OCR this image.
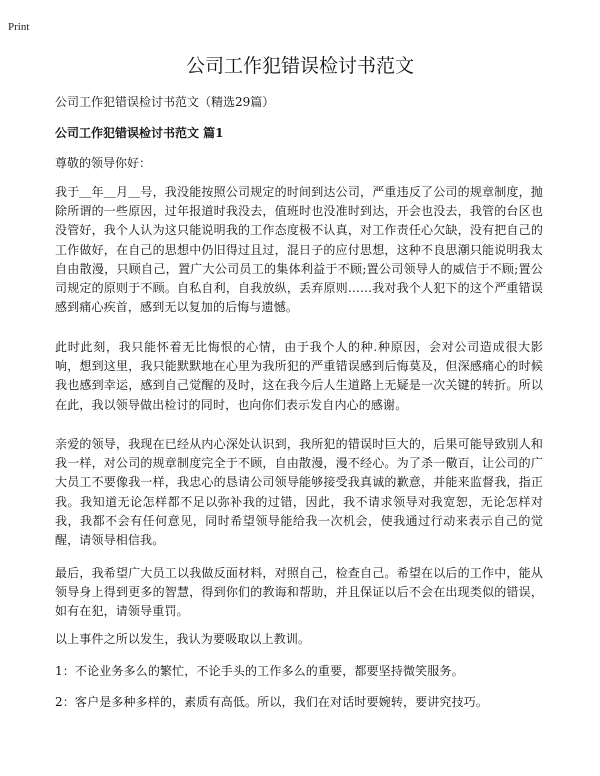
Print
公司工作犯错误检讨书范文

公司工作犯错误检讨书范文（精选29篇）

公司工作犯错误检讨书范文 篇1

尊敬的领导你好：

我于＿年＿月＿号，我没能按照公司规定的时间到达公司，严重违反了公司的规章制度，抛除所谓的一些原因，过年报道时我没去，值班时也没准时到达，开会也没去，我管的台区也没管好，我个人认为这只能说明我的工作态度极不认真，对工作责任心欠缺，没有把自己的工作做好，在自己的思想中仍旧得过且过，混日子的应付思想，这种不良思潮只能说明我太自由散漫，只顾自己，置广大公司员工的集体利益于不顾;置公司领导人的威信于不顾;置公司规定的原则于不顾。自私自利，自我放纵，丢弃原则……我对我个人犯下的这个严重错误感到痛心疾首，感到无以复加的后悔与遗憾。

此时此刻，我只能怀着无比悔恨的心情，由于我个人的种.种原因，会对公司造成很大影响，想到这里，我只能默默地在心里为我所犯的严重错误感到后悔莫及，但深感痛心的时候我也感到幸运，感到自己觉醒的及时，这在我今后人生道路上无疑是一次关键的转折。所以在此，我以领导做出检讨的同时，也向你们表示发自内心的感谢。

亲爱的领导，我现在已经从内心深处认识到，我所犯的错误时巨大的，后果可能导致别人和我一样，对公司的规章制度完全于不顾，自由散漫，漫不经心。为了杀一儆百，让公司的广大员工不要像我一样，我忠心的恳请公司领导能够接受我真诚的歉意，并能来监督我，指正我。我知道无论怎样都不足以弥补我的过错，因此，我不请求领导对我宽恕，无论怎样对我，我都不会有任何意见，同时希望领导能给我一次机会，使我通过行动来表示自己的觉醒，请领导相信我。

最后，我希望广大员工以我做反面材料，对照自己，检查自己。希望在以后的工作中，能从领导身上得到更多的智慧，得到你们的教诲和帮助，并且保证以后不会在出现类似的错误，如有在犯，请领导重罚。

以上事件之所以发生，我认为要吸取以上教训。

1：不论业务多么的繁忙，不论手头的工作多么的重要，都要坚持微笑服务。

2：客户是多种多样的，素质有高低。所以，我们在对话时要婉转，要讲究技巧。
